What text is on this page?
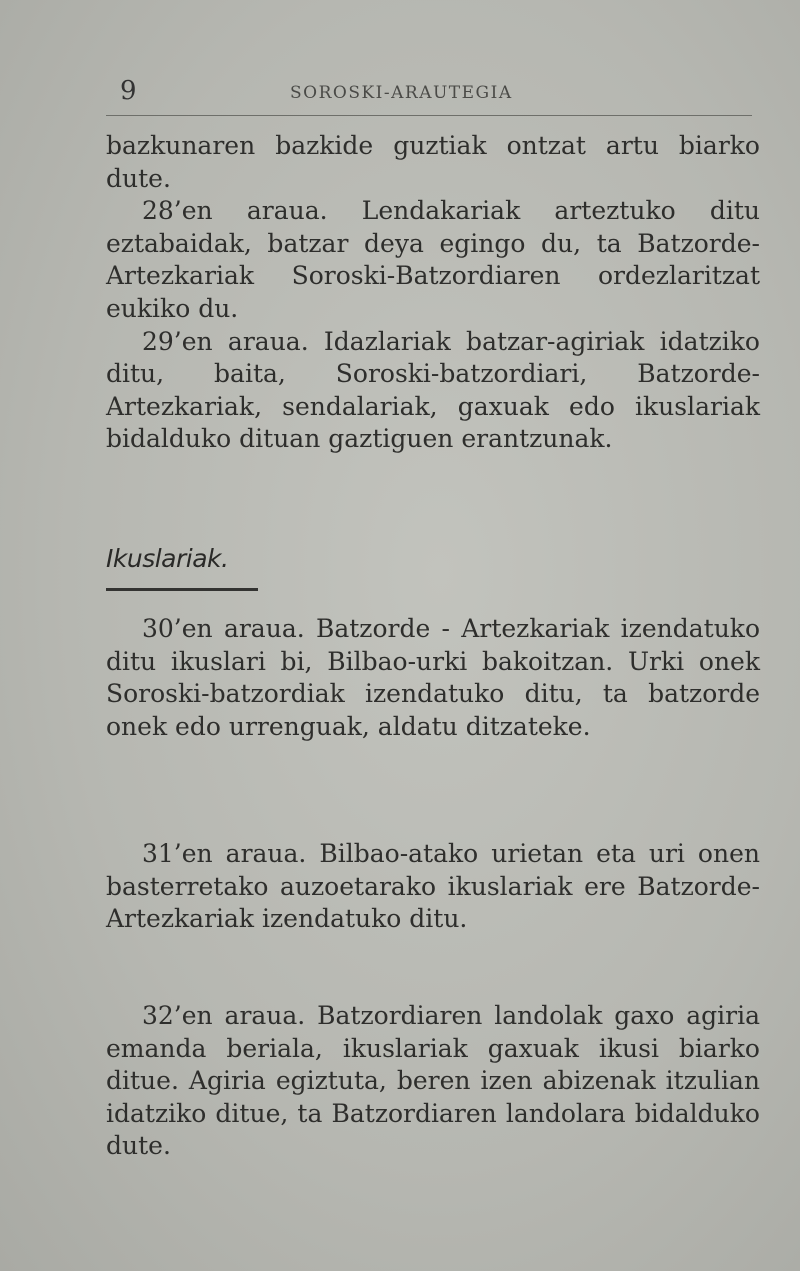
9	SOROSKI-ARAUTEGIA

bazkunaren bazkide guztiak ontzat artu biarko dute.

28’en araua. Lendakariak arteztuko ditu eztabaidak, batzar deya egingo du, ta Batzorde-Artezkariak Soroski-Batzordiaren ordezlaritzat eukiko du.

29’en araua. Idazlariak batzar-agiriak idatziko ditu, baita, Soroski-batzordiari, Batzorde-Artezkariak, sendalariak, gaxuak edo ikuslariak bidalduko dituan gaztiguen erantzunak.

Ikuslariak.

30’en araua. Batzorde - Artezkariak izendatuko ditu ikuslari bi, Bilbao-urki bakoitzan. Urki onek Soroski-batzordiak izendatuko ditu, ta batzorde onek edo urrenguak, aldatu ditzateke.

31’en araua. Bilbao-atako urietan eta uri onen basterretako auzoetarako ikuslariak ere Batzorde-Artezkariak izendatuko ditu.

32’en araua. Batzordiaren landolak gaxo agiria emanda beriala, ikuslariak gaxuak ikusi biarko ditue. Agiria egiztuta, beren izen abizenak itzulian idatziko ditue, ta Batzordiaren landolara bidalduko dute.
